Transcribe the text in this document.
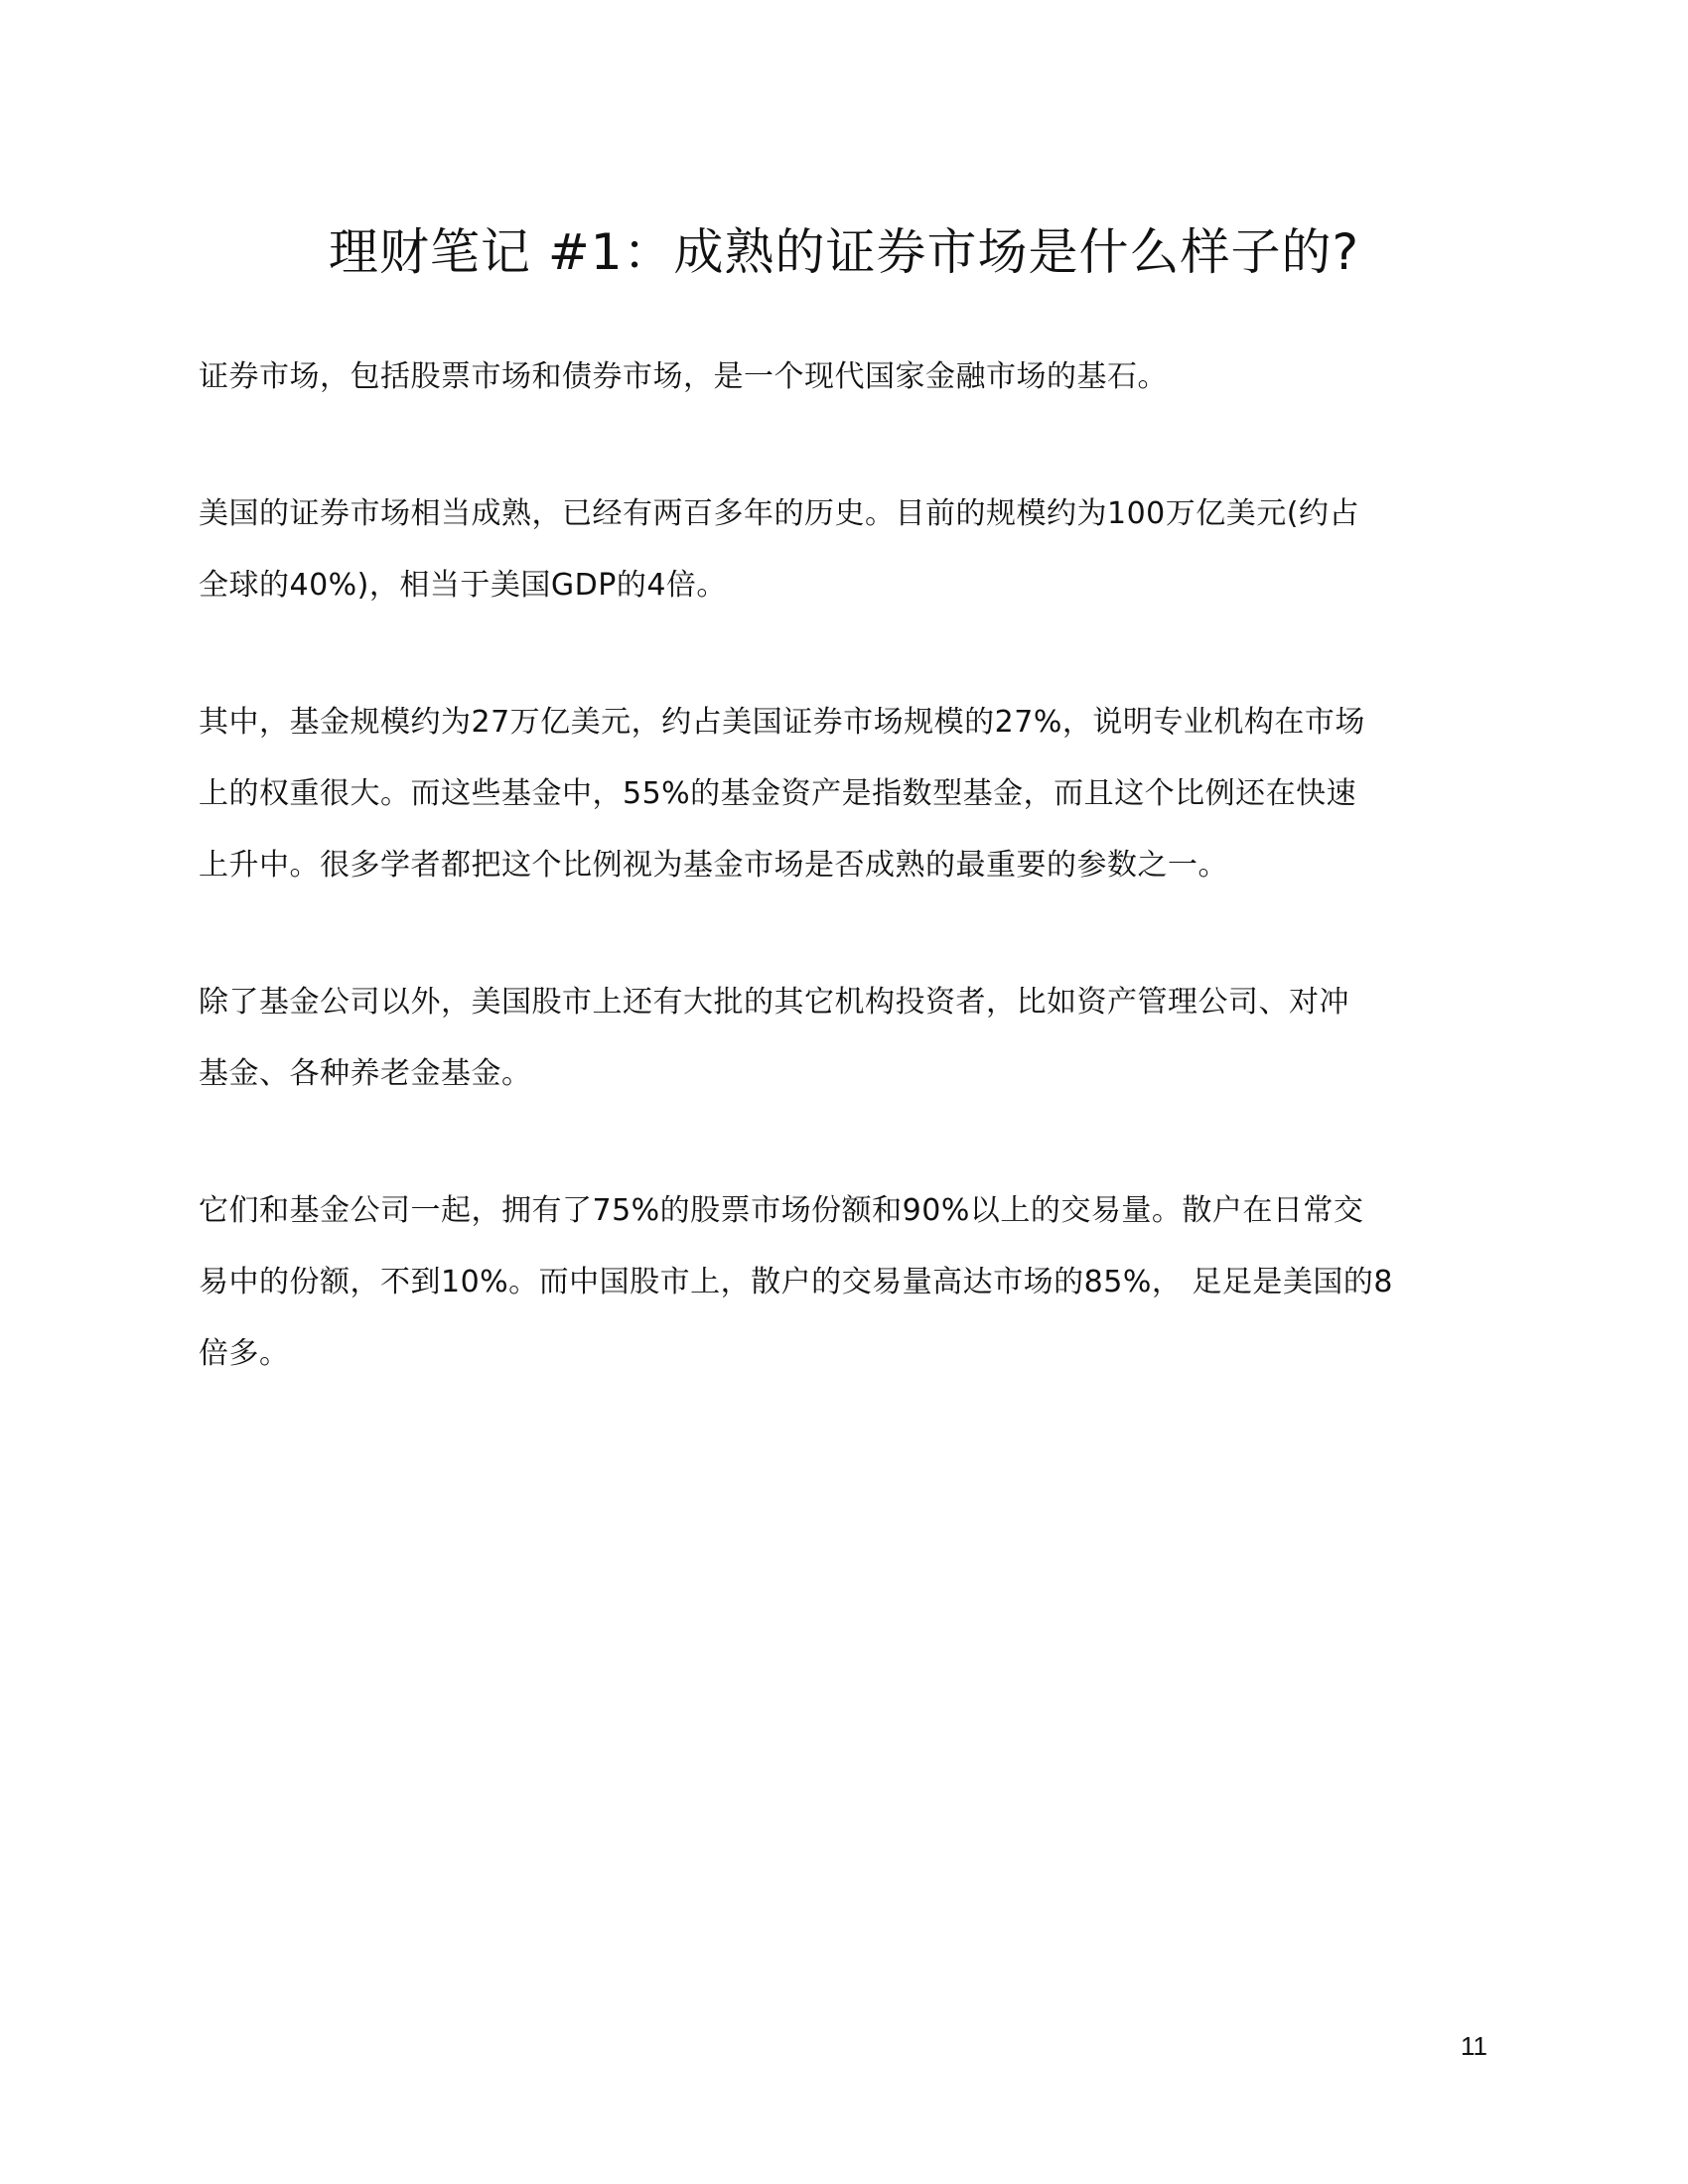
理财笔记 #1：成熟的证券市场是什么样子的?

证券市场，包括股票市场和债券市场，是一个现代国家金融市场的基石。

美国的证券市场相当成熟，已经有两百多年的历史。目前的规模约为100万亿美元(约占
全球的40%)，相当于美国GDP的4倍。

其中，基金规模约为27万亿美元，约占美国证券市场规模的27%，说明专业机构在市场
上的权重很大。而这些基金中，55%的基金资产是指数型基金，而且这个比例还在快速
上升中。很多学者都把这个比例视为基金市场是否成熟的最重要的参数之一。

除了基金公司以外，美国股市上还有大批的其它机构投资者，比如资产管理公司、对冲
基金、各种养老金基金。

它们和基金公司一起，拥有了75%的股票市场份额和90%以上的交易量。散户在日常交
易中的份额，不到10%。而中国股市上，散户的交易量高达市场的85%， 足足是美国的8
倍多。

11
